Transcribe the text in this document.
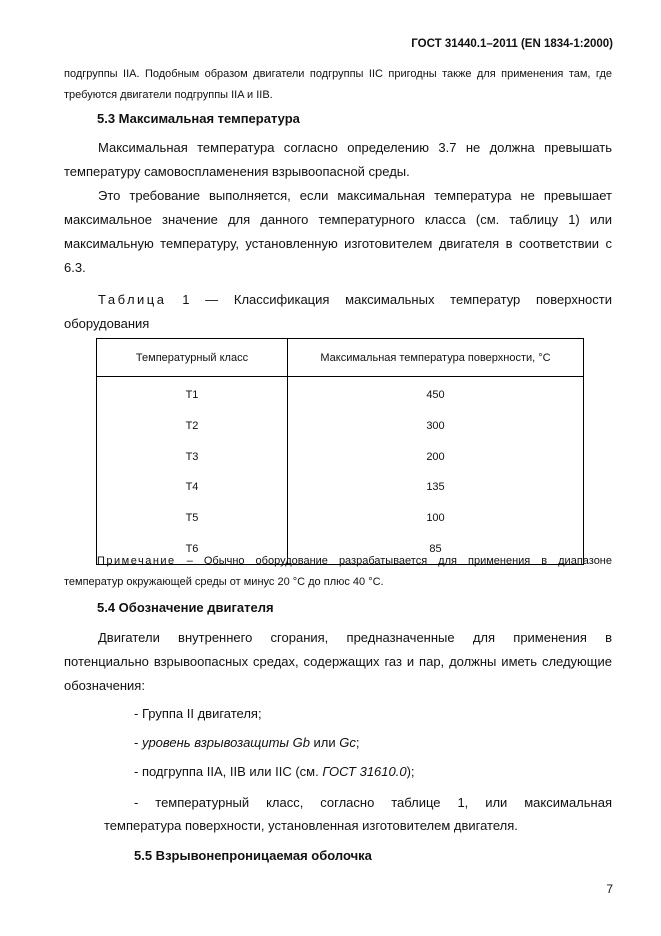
ГОСТ 31440.1–2011 (EN 1834-1:2000)
подгруппы IIA. Подобным образом двигатели подгруппы IIC пригодны также для применения там, где
требуются двигатели подгруппы IIA и IIB.
5.3 Максимальная температура
Максимальная температура согласно определению 3.7 не должна превышать температуру самовоспламенения взрывоопасной среды.
Это требование выполняется, если максимальная температура не превышает максимальное значение для данного температурного класса (см. таблицу 1) или максимальную температуру, установленную изготовителем двигателя в соответствии с 6.3.
Таблица 1 — Классификация максимальных температур поверхности
оборудования
Температурный класс	Максимальная температура поверхности, °C
T1	450
T2	300
T3	200
T4	135
T5	100
T6	85
Примечание – Обычно оборудование разрабатывается для применения в диапазоне
температур окружающей среды от минус 20 °С до плюс 40 °С.
5.4 Обозначение двигателя
Двигатели внутреннего сгорания, предназначенные для применения в потенциально взрывоопасных средах, содержащих газ и пар, должны иметь следующие обозначения:
- Группа II двигателя;
- уровень взрывозащиты Gb или Gc;
- подгруппа IIA, IIB или IIC (см. ГОСТ 31610.0);
- температурный класс, согласно таблице 1, или максимальная
температура поверхности, установленная изготовителем двигателя.
5.5 Взрывонепроницаемая оболочка
7
